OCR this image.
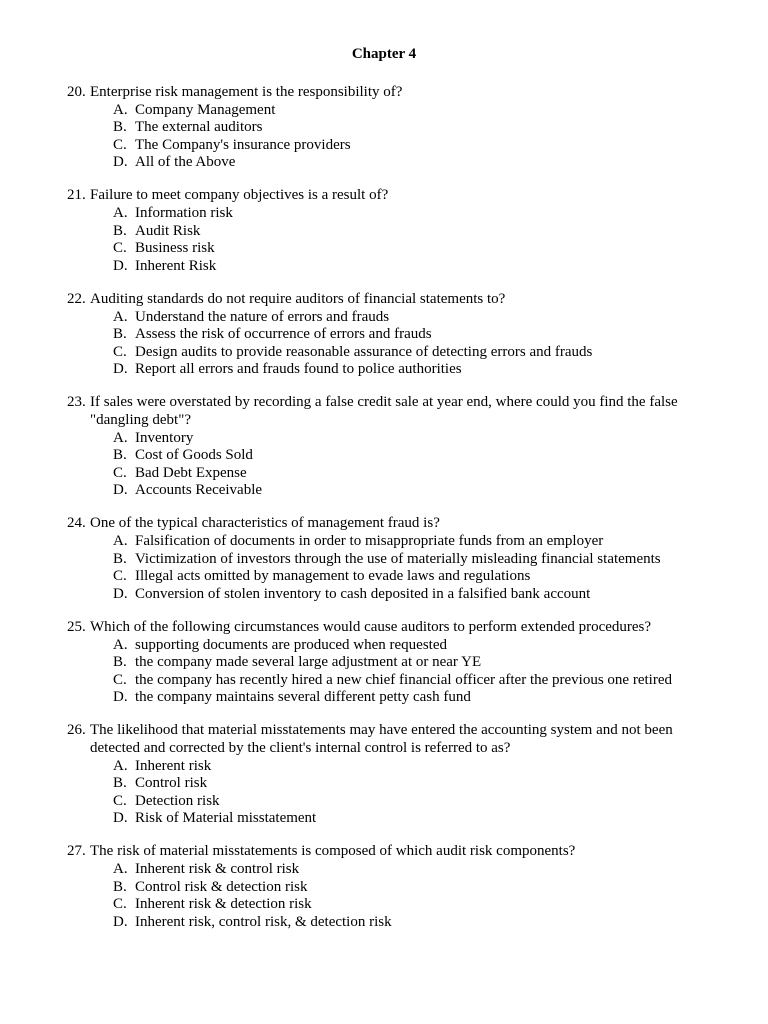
Chapter 4
20. Enterprise risk management is the responsibility of?
A. Company Management
B. The external auditors
C. The Company's insurance providers
D. All of the Above
21. Failure to meet company objectives is a result of?
A. Information risk
B. Audit Risk
C. Business risk
D. Inherent Risk
22. Auditing standards do not require auditors of financial statements to?
A. Understand the nature of errors and frauds
B. Assess the risk of occurrence of errors and frauds
C. Design audits to provide reasonable assurance of detecting errors and frauds
D. Report all errors and frauds found to police authorities
23. If sales were overstated by recording a false credit sale at year end, where could you find the false "dangling debt"?
A. Inventory
B. Cost of Goods Sold
C. Bad Debt Expense
D. Accounts Receivable
24. One of the typical characteristics of management fraud is?
A. Falsification of documents in order to misappropriate funds from an employer
B. Victimization of investors through the use of materially misleading financial statements
C. Illegal acts omitted by management to evade laws and regulations
D. Conversion of stolen inventory to cash deposited in a falsified bank account
25. Which of the following circumstances would cause auditors to perform extended procedures?
A. supporting documents are produced when requested
B. the company made several large adjustment at or near YE
C. the company has recently hired a new chief financial officer after the previous one retired
D. the company maintains several different petty cash fund
26. The likelihood that material misstatements may have entered the accounting system and not been detected and corrected by the client's internal control is referred to as?
A. Inherent risk
B. Control risk
C. Detection risk
D. Risk of Material misstatement
27. The risk of material misstatements is composed of which audit risk components?
A. Inherent risk & control risk
B. Control risk & detection risk
C. Inherent risk & detection risk
D. Inherent risk, control risk, & detection risk
